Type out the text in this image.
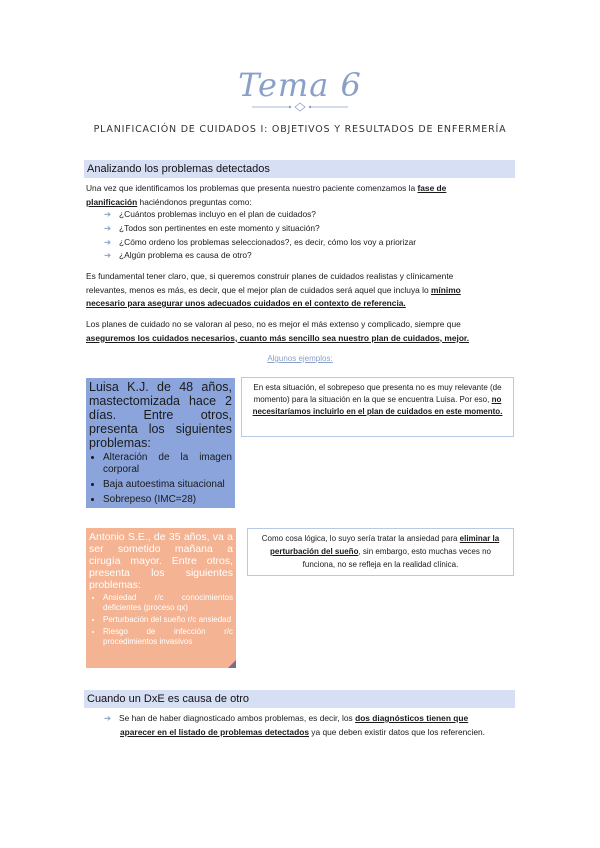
Tema 6
PLANIFICACIÓN DE CUIDADOS I: OBJETIVOS Y RESULTADOS DE ENFERMERÍA
Analizando los problemas detectados
Una vez que identificamos los problemas que presenta nuestro paciente comenzamos la fase de
planificación haciéndonos preguntas como:
➔ ¿Cuántos problemas incluyo en el plan de cuidados?
➔ ¿Todos son pertinentes en este momento y situación?
➔ ¿Cómo ordeno los problemas seleccionados?, es decir, cómo los voy a priorizar
➔ ¿Algún problema es causa de otro?
Es fundamental tener claro, que, si queremos construir planes de cuidados realistas y clínicamente
relevantes, menos es más, es decir, que el mejor plan de cuidados será aquel que incluya lo mínimo
necesario para asegurar unos adecuados cuidados en el contexto de referencia.
Los planes de cuidado no se valoran al peso, no es mejor el más extenso y complicado, siempre que
aseguremos los cuidados necesarios, cuanto más sencillo sea nuestro plan de cuidados, mejor.
Algunos ejemplos:
Luisa K.J. de 48 años, mastectomizada hace 2 días. Entre otros, presenta los siguientes problemas:
• Alteración de la imagen corporal
• Baja autoestima situacional
• Sobrepeso (IMC=28)
En esta situación, el sobrepeso que presenta no es muy relevante (de momento) para la situación en la que se encuentra Luisa. Por eso, no necesitaríamos incluirlo en el plan de cuidados en este momento.
Antonio S.E., de 35 años, va a ser sometido mañana a cirugía mayor. Entre otros, presenta los siguientes problemas:
• Ansiedad r/c conocimientos deficientes (proceso qx)
• Perturbación del sueño r/c ansiedad
• Riesgo de infección r/c procedimientos invasivos
Como cosa lógica, lo suyo sería tratar la ansiedad para eliminar la perturbación del sueño, sin embargo, esto muchas veces no funciona, no se refleja en la realidad clínica.
Cuando un DxE es causa de otro
➔ Se han de haber diagnosticado ambos problemas, es decir, los dos diagnósticos tienen que
aparecer en el listado de problemas detectados ya que deben existir datos que los referencien.
